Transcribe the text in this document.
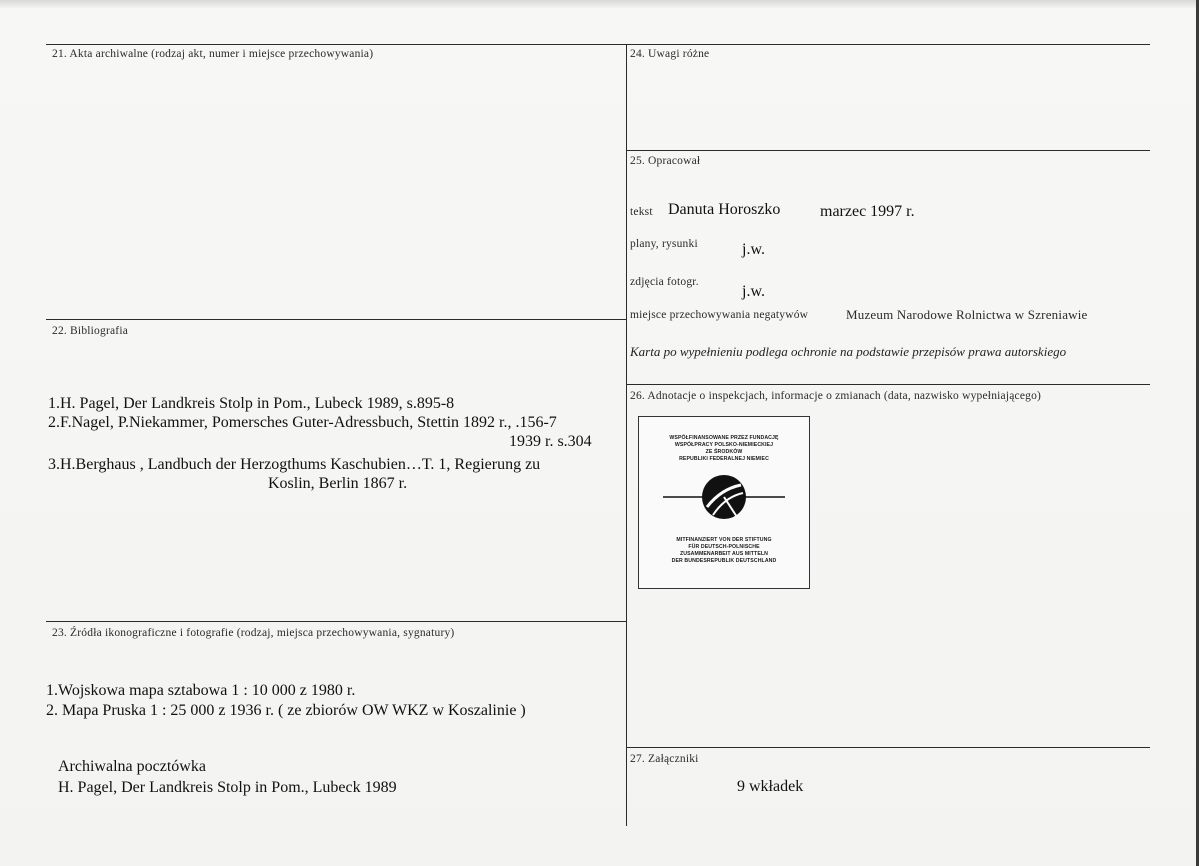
21. Akta archiwalne (rodzaj akt, numer i miejsce przechowywania)
22. Bibliografia
1.H. Pagel, Der Landkreis Stolp in Pom., Lubeck 1989, s.895-8
2.F.Nagel, P.Niekammer, Pomersches Guter-Adressbuch, Stettin 1892 r., .156-7
1939 r. s.304
3.H.Berghaus , Landbuch der Herzogthums Kaschubien…T. 1, Regierung zu
Koslin, Berlin 1867 r.
23. Źródła ikonograficzne i fotografie (rodzaj, miejsca przechowywania, sygnatury)
1.Wojskowa mapa sztabowa 1 : 10 000 z 1980 r.
2. Mapa Pruska 1 : 25 000 z 1936 r. ( ze zbiorów OW WKZ w Koszalinie )
Archiwalna pocztówka
H. Pagel, Der Landkreis Stolp in Pom., Lubeck 1989
24. Uwagi różne
25. Opracował
tekst Danuta Horoszko marzec 1997 r.
plany, rysunki	j.w.
zdjęcia fotogr.
j.w.
miejsce przechowywania negatywów	Muzeum Narodowe Rolnictwa w Szreniawie
Karta po wypełnieniu podlega ochronie na podstawie przepisów prawa autorskiego
26. Adnotacje o inspekcjach, informacje o zmianach (data, nazwisko wypełniającego)
WSPÓŁFINANSOWANE PRZEZ FUNDACJĘ
WSPÓŁPRACY POLSKO-NIEMIECKIEJ
ZE ŚRODKÓW
REPUBLIKI FEDERALNEJ NIEMIEC
MITFINANZIERT VON DER STIFTUNG
FÜR DEUTSCH-POLNISCHE
ZUSAMMENARBEIT AUS MITTELN
DER BUNDESREPUBLIK DEUTSCHLAND
27. Załączniki
9 wkładek
